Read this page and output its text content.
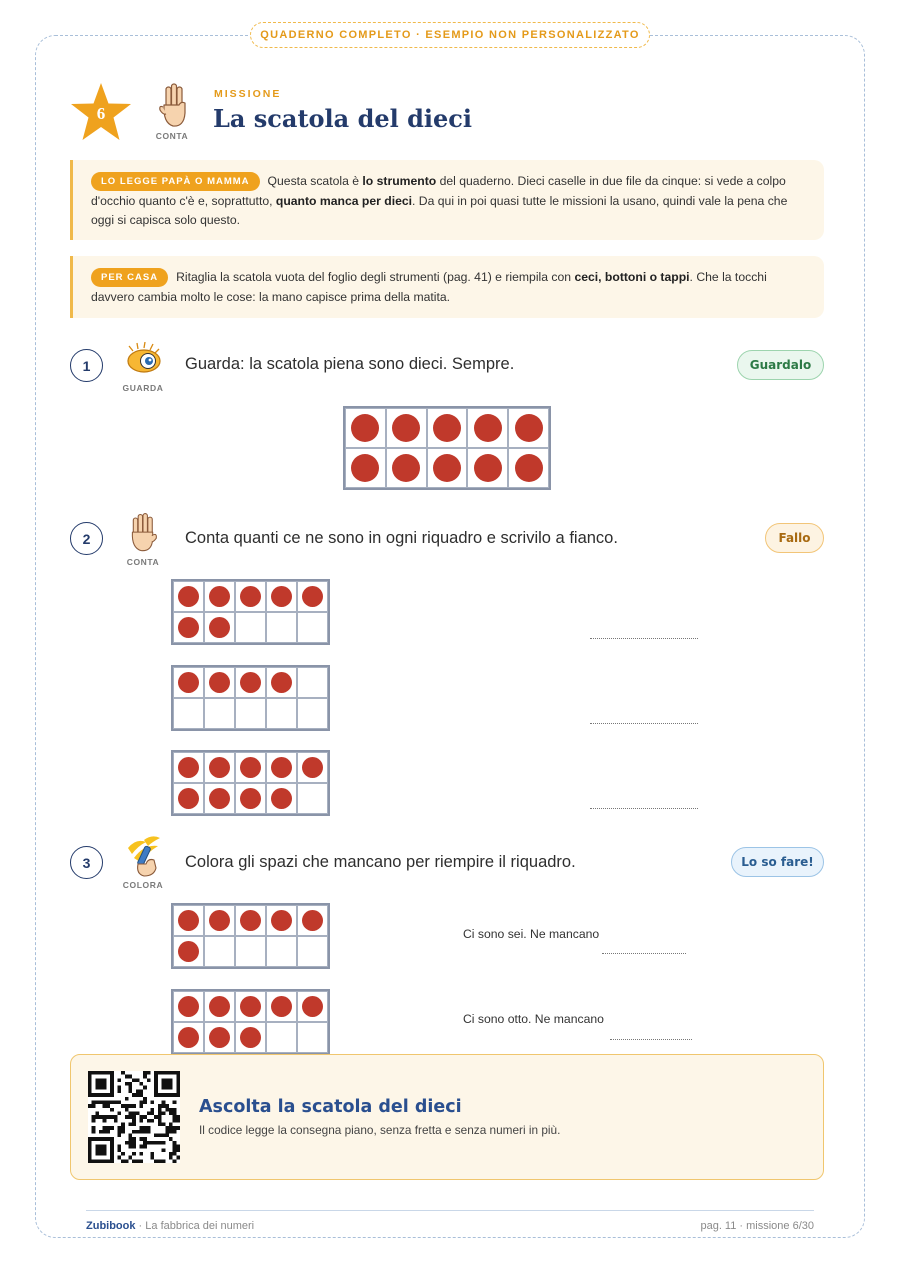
QUADERNO COMPLETO · ESEMPIO NON PERSONALIZZATO
6
CONTA
MISSIONE
La scatola del dieci
LO LEGGE PAPÀ O MAMMA Questa scatola è lo strumento del quaderno. Dieci caselle in due file da cinque: si vede a colpo d'occhio quanto c'è e, soprattutto, quanto manca per dieci. Da qui in poi quasi tutte le missioni la usano, quindi vale la pena che oggi si capisca solo questo.
PER CASA Ritaglia la scatola vuota del foglio degli strumenti (pag. 41) e riempila con ceci, bottoni o tappi. Che la tocchi davvero cambia molto le cose: la mano capisce prima della matita.
1
GUARDA
Guarda: la scatola piena sono dieci. Sempre.	Guardalo
2
CONTA
Conta quanti ce ne sono in ogni riquadro e scrivilo a fianco.	Fallo
3
COLORA
Colora gli spazi che mancano per riempire il riquadro.	Lo so fare!
Ci sono sei. Ne mancano
Ci sono otto. Ne mancano
Ascolta la scatola del dieci
Il codice legge la consegna piano, senza fretta e senza numeri in più.
Zubibook · La fabbrica dei numeri	pag. 11 · missione 6/30
